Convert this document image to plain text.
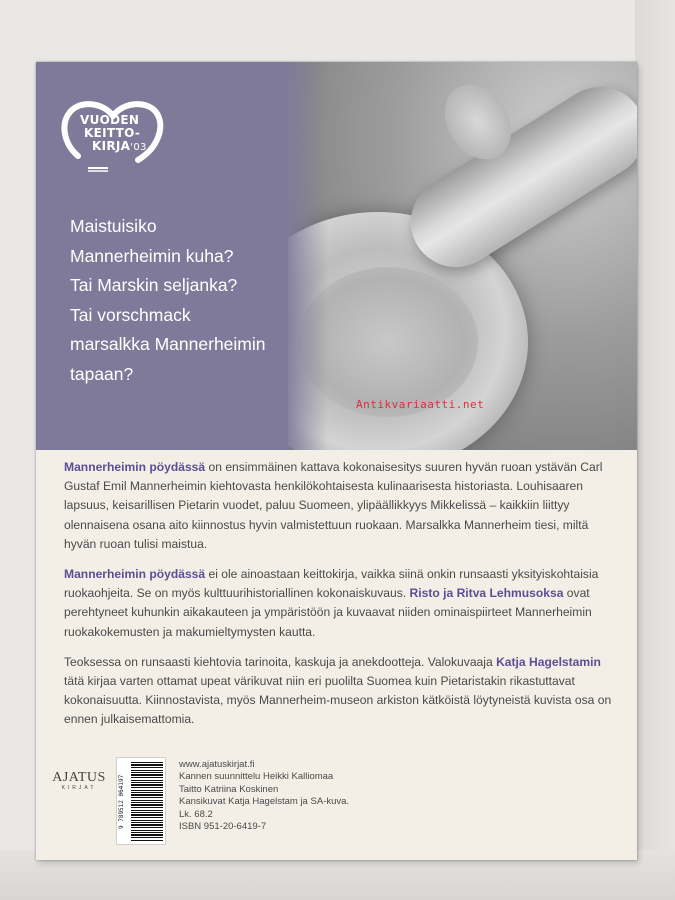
VUODEN
KEITTO-
KIRJA'03
Maistuisiko
Mannerheimin kuha?
Tai Marskin seljanka?
Tai vorschmack
marsalkka Mannerheimin
tapaan?
Antikvariaatti.net

Mannerheimin pöydässä on ensimmäinen kattava kokonaisesitys suuren hyvän ruoan ystävän Carl Gustaf Emil Mannerheimin kiehtovasta henkilökohtaisesta kulinaarisesta historiasta. Louhisaaren lapsuus, keisarillisen Pietarin vuodet, paluu Suomeen, ylipäällikkyys Mikkelissä – kaikkiin liittyy olennaisena osana aito kiinnostus hyvin valmistettuun ruokaan. Marsalkka Mannerheim tiesi, miltä hyvän ruoan tulisi maistua.

Mannerheimin pöydässä ei ole ainoastaan keittokirja, vaikka siinä onkin runsaasti yksityiskohtaisia ruokaohjeita. Se on myös kulttuurihistoriallinen kokonaiskuvaus. Risto ja Ritva Lehmusoksa ovat perehtyneet kuhunkin aikakauteen ja ympäristöön ja kuvaavat niiden ominaispiirteet Mannerheimin ruokakokemusten ja makumieltymysten kautta.

Teoksessa on runsaasti kiehtovia tarinoita, kaskuja ja anekdootteja. Valokuvaaja Katja Hagelstamin tätä kirjaa varten ottamat upeat värikuvat niin eri puolilta Suomea kuin Pietaristakin rikastuttavat kokonaisuutta. Kiinnostavista, myös Mannerheim-museon arkiston kätköistä löytyneistä kuvista osa on ennen julkaisemattomia.

AJATUS
KIRJAT	9 789512 064197
www.ajatuskirjat.fi
Kannen suunnittelu Heikki Kalliomaa
Taitto Katriina Koskinen
Kansikuvat Katja Hagelstam ja SA-kuva.
Lk. 68.2
ISBN 951-20-6419-7
